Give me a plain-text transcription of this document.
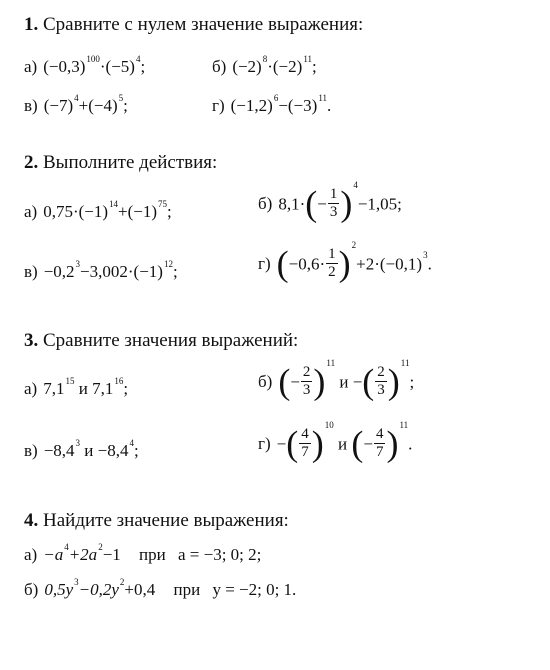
1. Сравните с нулем значение выражения:
а) $(-0,3)^{100}\cdot(-5)^4$;	б) $(-2)^8\cdot(-2)^{11}$;
в) $(-7)^4+(-4)^5$;	г) $(-1,2)^6-(-3)^{11}$.
2. Выполните действия:
а) $0,75\cdot(-1)^{14}+(-1)^{75}$;	б) $8,1\cdot(- \frac{1}{3} )^4-1,05$;
$в) -0,2^3-3,002\cdot(-1)^{12}$;	г) $(-0,6\cdot \frac{1}{2} )^2+2\cdot(-0,1)^3$.
3. Сравните значения выражений:
а) $7,1^{15}$ и $7,1^{16}$;	б) (− $\frac{2}{3} )^{11}$ и −( $\frac{2}{3} )^{11}$;
$в) -8,4^3$ $и -8,4^4$;	г) −( $\frac{4}{7} )^{10}$ и (− $\frac{4}{7} )^{11}$.
4. Найдите значение выражения:
$а) -a^4+2a^2-1$ при a = −3; 0; 2;
б) $0,5y^3-0,2y^2+0,4$ при y = −2; 0; 1.
